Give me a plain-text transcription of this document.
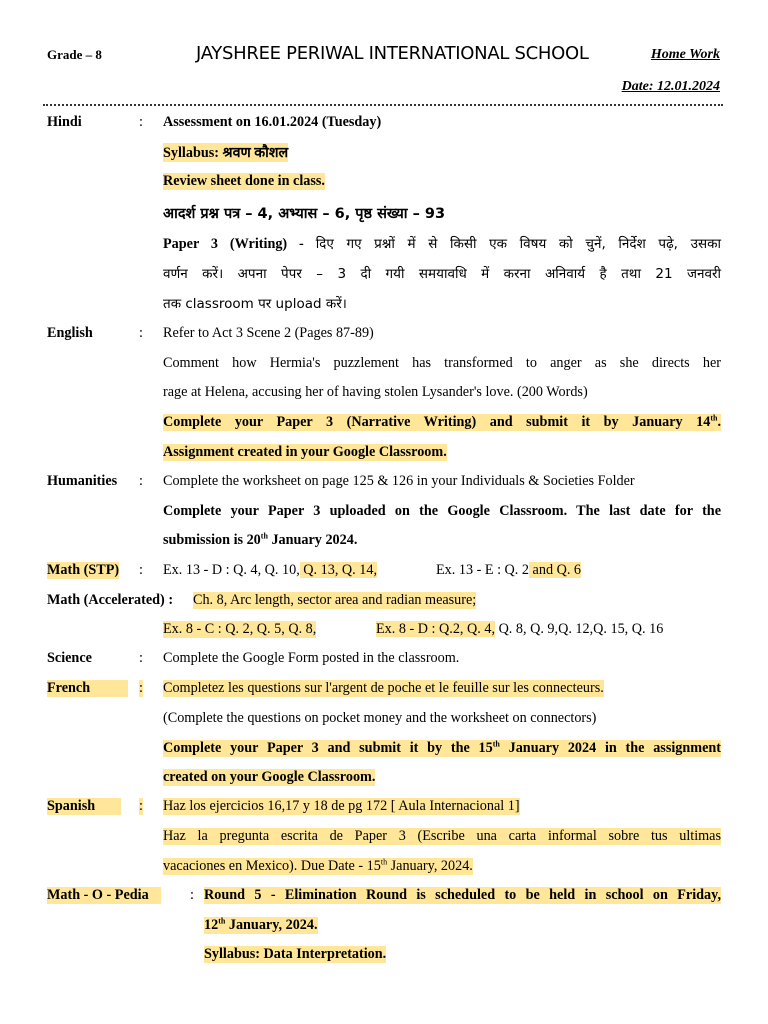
Grade – 8	JAYSHREE PERIWAL INTERNATIONAL SCHOOL	Home Work
Date: 12.01.2024
Hindi	: Assessment on 16.01.2024 (Tuesday)
Syllabus: श्रवण कौशल
Review sheet done in class.
आदर्श प्रश्न पत्र – 4, अभ्यास – 6, पृष्ठ संख्या – 93
Paper 3 (Writing) - दिए गए प्रश्नों में से किसी एक विषय को चुनें, निर्देश पढ़े, उसका
वर्णन करें। अपना पेपर – 3 दी गयी समयावधि में करना अनिवार्य है तथा 21 जनवरी
तक classroom पर upload करें।
English	: Refer to Act 3 Scene 2 (Pages 87-89)
Comment how Hermia's puzzlement has transformed to anger as she directs her
rage at Helena, accusing her of having stolen Lysander's love. (200 Words)
Complete your Paper 3 (Narrative Writing) and submit it by January 14th.
Assignment created in your Google Classroom.
Humanities : Complete the worksheet on page 125 & 126 in your Individuals & Societies Folder
Complete your Paper 3 uploaded on the Google Classroom. The last date for the
submission is 20th January 2024.
Math (STP) : Ex. 13 - D : Q. 4, Q. 10, Q. 13, Q. 14,	Ex. 13 - E : Q. 2 and Q. 6
Math (Accelerated) : Ch. 8, Arc length, sector area and radian measure;
Ex. 8 - C : Q. 2, Q. 5, Q. 8,	Ex. 8 - D : Q.2, Q. 4, Q. 8, Q. 9,Q. 12,Q. 15, Q. 16
Science	: Complete the Google Form posted in the classroom.
French	: Completez les questions sur l'argent de poche et le feuille sur les connecteurs.
(Complete the questions on pocket money and the worksheet on connectors)
Complete your Paper 3 and submit it by the 15th January 2024 in the assignment
created on your Google Classroom.
Spanish	: Haz los ejercicios 16,17 y 18 de pg 172 [ Aula Internacional 1]
Haz la pregunta escrita de Paper 3 (Escribe una carta informal sobre tus ultimas
vacaciones en Mexico). Due Date - 15th January, 2024.
Math - O - Pedia	: Round 5 - Elimination Round is scheduled to be held in school on Friday,
12th January, 2024.
Syllabus: Data Interpretation.
